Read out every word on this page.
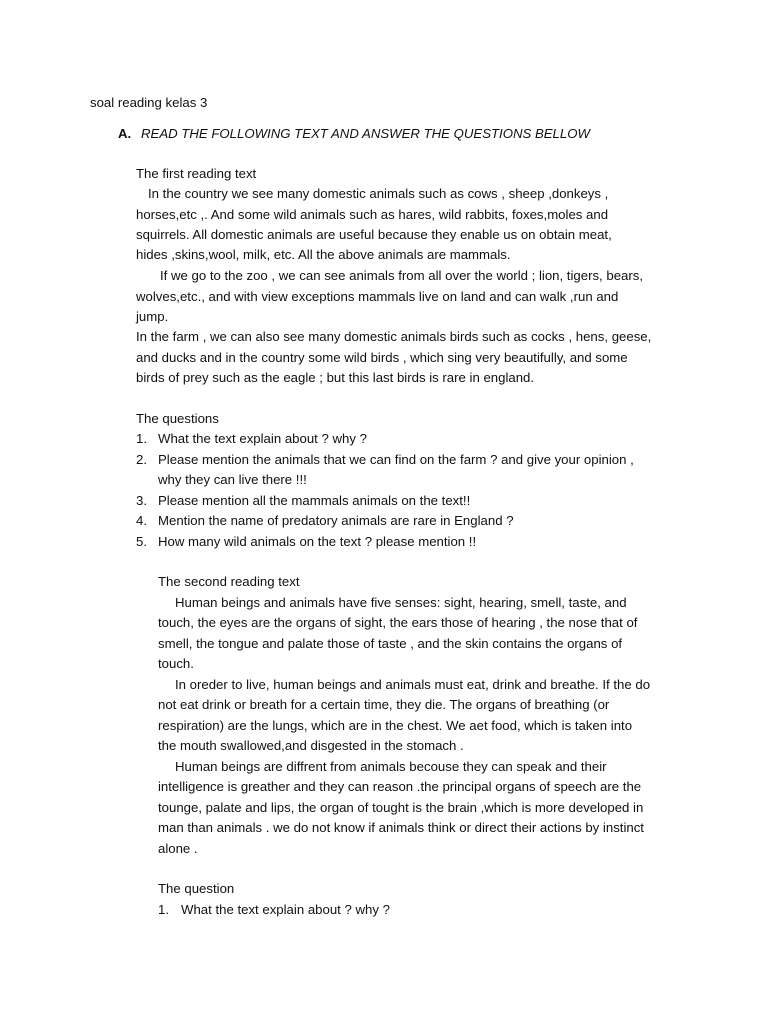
soal reading kelas 3
A. READ THE FOLLOWING TEXT AND ANSWER THE QUESTIONS BELLOW
The first reading text
In the country we see many domestic animals such as cows , sheep ,donkeys ,
horses,etc ,. And some wild animals such as hares, wild rabbits, foxes,moles and
squirrels. All domestic animals are useful because they enable us on obtain meat,
hides ,skins,wool, milk, etc. All the above animals are mammals.
If we go to the zoo , we can see animals from all over the world ; lion, tigers, bears,
wolves,etc., and with view exceptions mammals live on land and can walk ,run and
jump.
In the farm , we can also see many domestic animals birds such as cocks , hens, geese,
and ducks and in the country some wild birds , which sing very beautifully, and some
birds of prey such as the eagle ; but this last birds is rare in england.
The questions
1. What the text explain about ? why ?
2. Please mention the animals that we can find on the farm ? and give your opinion ,
why they can live there !!!
3. Please mention all the mammals animals on the text!!
4. Mention the name of predatory animals are rare in England ?
5. How many wild animals on the text ? please mention !!
The second reading text
Human beings and animals have five senses: sight, hearing, smell, taste, and
touch, the eyes are the organs of sight, the ears those of hearing , the nose that of
smell, the tongue and palate those of taste , and the skin contains the organs of
touch.
In oreder to live, human beings and animals must eat, drink and breathe. If the do
not eat drink or breath for a certain time, they die. The organs of breathing (or
respiration) are the lungs, which are in the chest. We aet food, which is taken into
the mouth swallowed,and disgested in the stomach .
Human beings are diffrent from animals becouse they can speak and their
intelligence is greather and they can reason .the principal organs of speech are the
tounge, palate and lips, the organ of tought is the brain ,which is more developed in
man than animals . we do not know if animals think or direct their actions by instinct
alone .
The question
1. What the text explain about ? why ?
